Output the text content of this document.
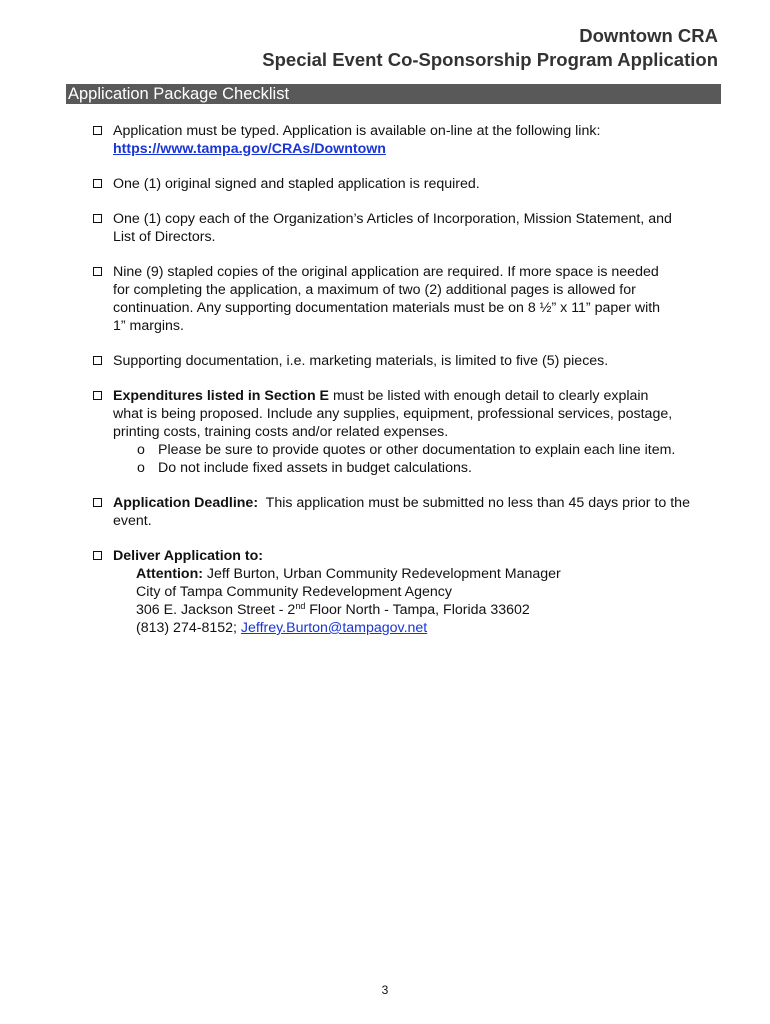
Downtown CRA
Special Event Co-Sponsorship Program Application
Application Package Checklist
Application must be typed. Application is available on-line at the following link:
https://www.tampa.gov/CRAs/Downtown
One (1) original signed and stapled application is required.
One (1) copy each of the Organization’s Articles of Incorporation, Mission Statement, and
List of Directors.
Nine (9) stapled copies of the original application are required. If more space is needed
for completing the application, a maximum of two (2) additional pages is allowed for
continuation. Any supporting documentation materials must be on 8 ½” x 11” paper with
1” margins.
Supporting documentation, i.e. marketing materials, is limited to five (5) pieces.
Expenditures listed in Section E must be listed with enough detail to clearly explain
what is being proposed. Include any supplies, equipment, professional services, postage,
printing costs, training costs and/or related expenses.
o Please be sure to provide quotes or other documentation to explain each line item.
o Do not include fixed assets in budget calculations.
Application Deadline:  This application must be submitted no less than 45 days prior to the
event.
Deliver Application to:
Attention: Jeff Burton, Urban Community Redevelopment Manager
City of Tampa Community Redevelopment Agency
306 E. Jackson Street - 2nd Floor North - Tampa, Florida 33602
(813) 274-8152; Jeffrey.Burton@tampagov.net
3
